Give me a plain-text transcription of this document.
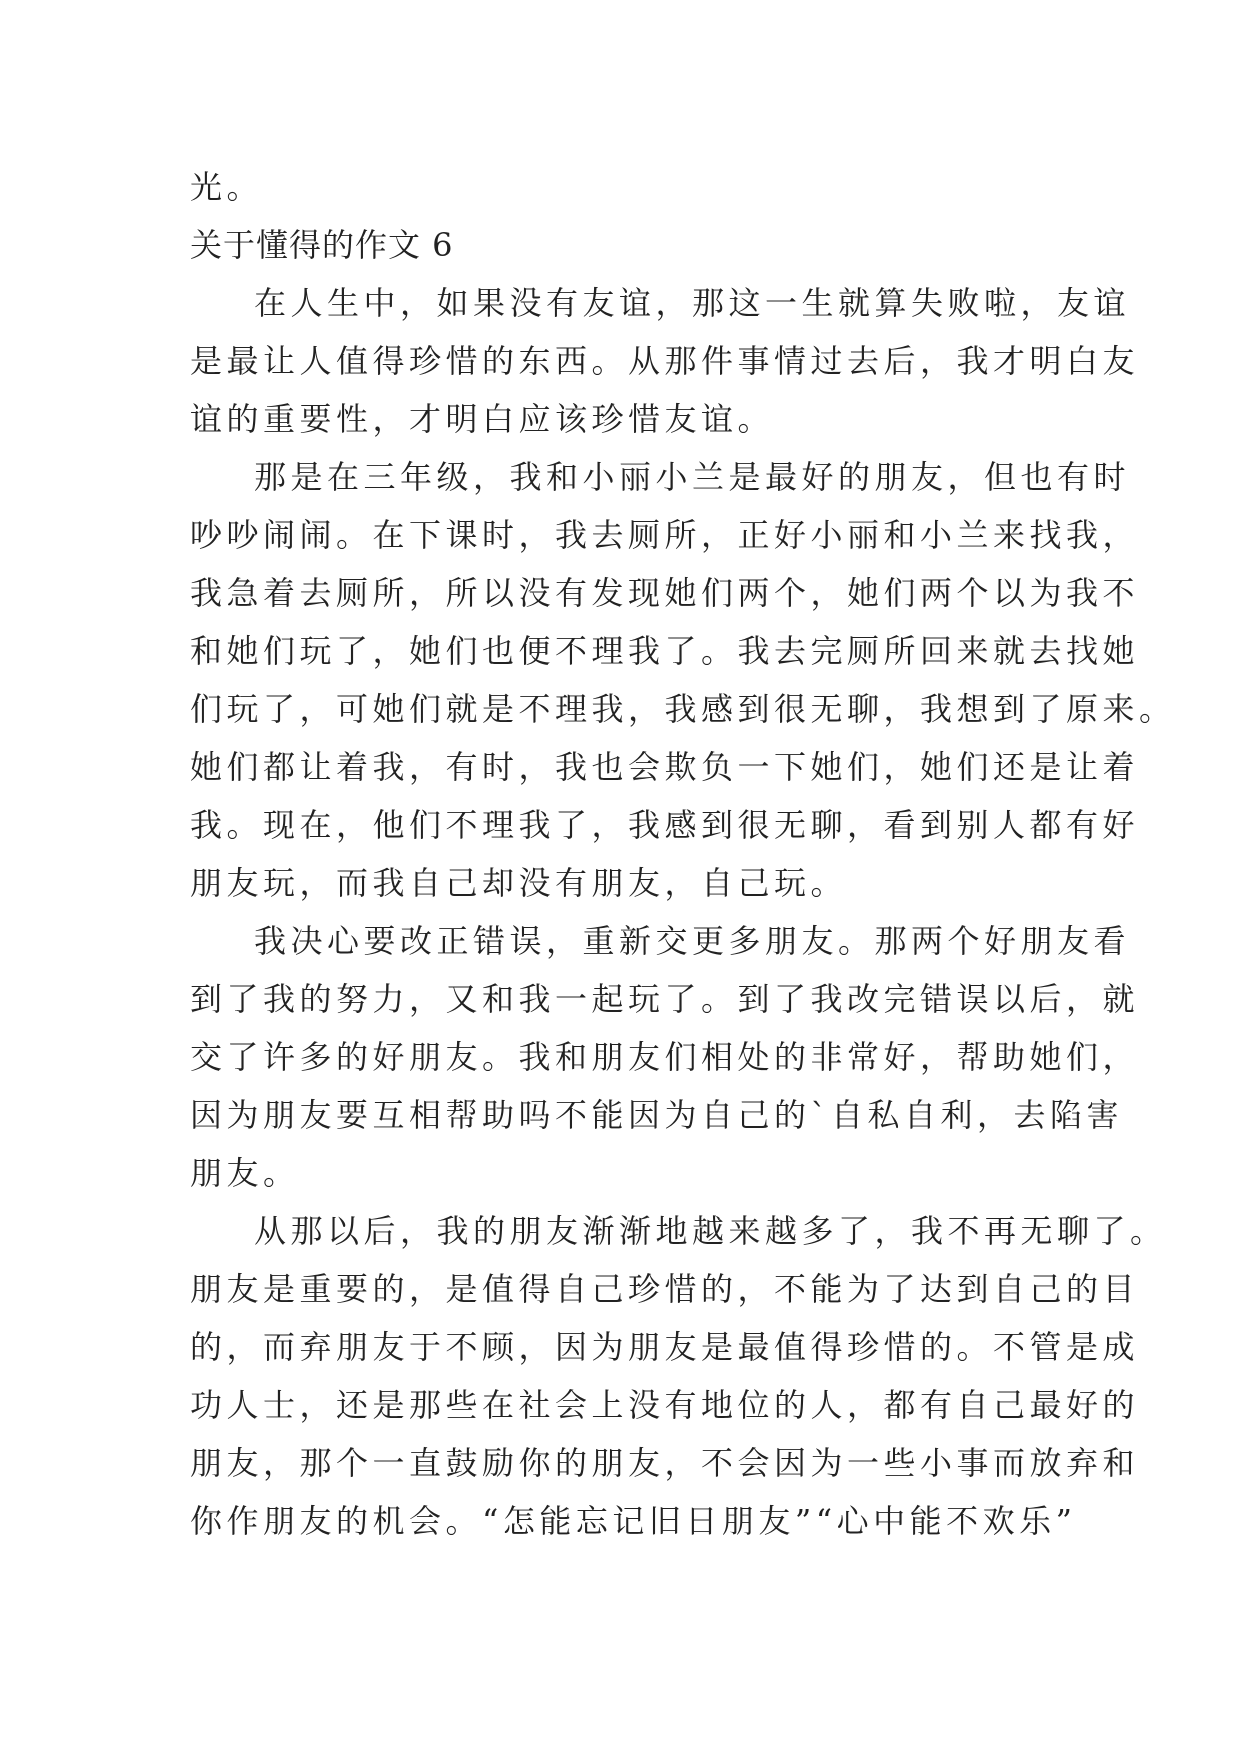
光。
关于懂得的作文 6
在人生中，如果没有友谊，那这一生就算失败啦，友谊
是最让人值得珍惜的东西。从那件事情过去后，我才明白友
谊的重要性，才明白应该珍惜友谊。
那是在三年级，我和小丽小兰是最好的朋友，但也有时
吵吵闹闹。在下课时，我去厕所，正好小丽和小兰来找我，
我急着去厕所，所以没有发现她们两个，她们两个以为我不
和她们玩了，她们也便不理我了。我去完厕所回来就去找她
们玩了，可她们就是不理我，我感到很无聊，我想到了原来。
她们都让着我，有时，我也会欺负一下她们，她们还是让着
我。现在，他们不理我了，我感到很无聊，看到别人都有好
朋友玩，而我自己却没有朋友，自己玩。
我决心要改正错误，重新交更多朋友。那两个好朋友看
到了我的努力，又和我一起玩了。到了我改完错误以后，就
交了许多的好朋友。我和朋友们相处的非常好，帮助她们，
因为朋友要互相帮助吗不能因为自己的`自私自利，去陷害
朋友。
从那以后，我的朋友渐渐地越来越多了，我不再无聊了。
朋友是重要的，是值得自己珍惜的，不能为了达到自己的目
的，而弃朋友于不顾，因为朋友是最值得珍惜的。不管是成
功人士，还是那些在社会上没有地位的人，都有自己最好的
朋友，那个一直鼓励你的朋友，不会因为一些小事而放弃和
你作朋友的机会。“怎能忘记旧日朋友”“心中能不欢乐”
